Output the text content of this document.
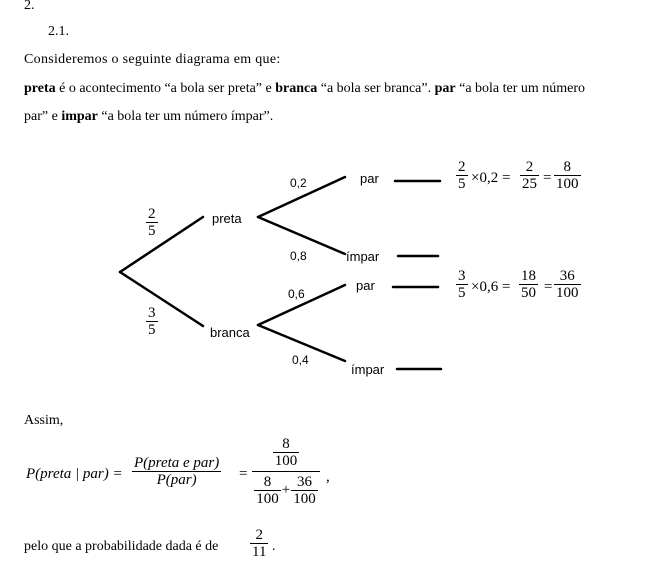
2.
2.1.
Consideremos o seguinte diagrama em que:
preta é o acontecimento “a bola ser preta” e branca “a bola ser branca”. par “a bola ter um número
par” e impar “a bola ter um número ímpar”.
2
5
3
5
preta
branca
0,2
0,8
0,6
0,4
par
ímpar
par
ímpar
2
5 ×0,2 =
2
25 =
8
100
3
5 ×0,6 =
18
50 =
36
100
Assim,
P(preta | par) =
P(preta e par)
P(par)	=
$\frac{8}{100}$
$\frac{8}{100} + \frac{36}{100}$ ,
pelo que a probabilidade dada é de
2
11 .
